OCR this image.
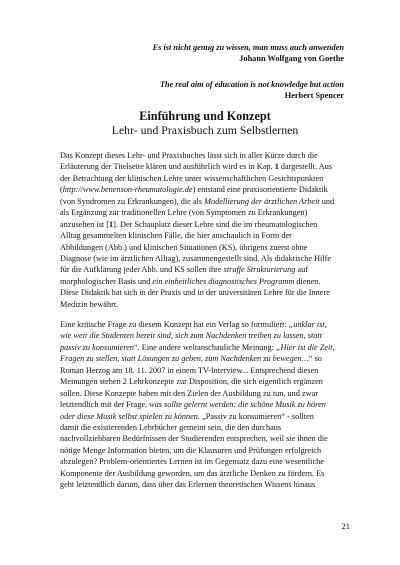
Es ist nicht genug zu wissen, man muss auch anwenden
Johann Wolfgang von Goethe
The real aim of education is not knowledge but action
Herbert Spencer
Einführung und Konzept
Lehr- und Praxisbuch zum Selbstlernen
Das Konzept dieses Lehr- und Praxisbuches lässt sich in aller Kürze durch die
Erläuterung der Titelseite klären und ausführlich wird es in Kap. 1 dargestellt. Aus
der Betrachtung der klinischen Lehre unter wissenschaftlichen Gesichtspunkten
(http://www.benenson-rheumatologie.de) entstand eine praxisorientierte Didaktik
(von Syndromen zu Erkrankungen), die als Modellierung der ärztlichen Arbeit und
als Ergänzung zur traditionellen Lehre (von Symptomen zu Erkrankungen)
anzusehen ist [1]. Der Schauplatz dieser Lehre sind die im rheumatologischen
Alltag gesammelten klinischen Fälle, die hier anschaulich in Form der
Abbildungen (Abb.) und klinischen Situationen (KS), übrigens zuerst ohne
Diagnose (wie im ärztlichen Alltag), zusammengestellt sind. Als didaktische Hilfe
für die Aufklärung jeder Abb. und KS sollen ihre straffe Strukturierung auf
morphologischer Basis und ein einheitliches diagnostisches Programm dienen.
Diese Didaktik hat sich in der Praxis und in der universitären Lehre für die Innere
Medizin bewährt.
Eine kritische Frage zu diesem Konzept hat ein Verlag so formuliert: „unklar ist,
wie weit die Studenten bereit sind, sich zum Nachdenken treiben zu lassen, statt
passiv zu konsumieren“. Eine andere weltanschauliche Meinung: „Hier ist die Zeit,
Fragen zu stellen, statt Lösungen zu geben, zum Nachdenken zu bewegen…“ so
Roman Herzog am 18. 11. 2007 in einem TV-Interview... Entsprechend diesen
Meinungen stehen 2 Lehrkonzepte zur Disposition, die sich eigentlich ergänzen
sollen. Diese Konzepte haben mit den Zielen der Ausbildung zu tun, und zwar
letztendlich mit der Frage, was sollte gelernt werden: die schöne Musik zu hören
oder diese Musik selbst spielen zu können. „Passiv zu konsumieren“ - sollten
damit die existierenden Lehrbücher gemeint sein, die den durchaus
nachvollziehbaren Bedürfnissen der Studierenden entsprechen, weil sie ihnen die
nötige Menge Information bieten, um die Klausuren und Prüfungen erfolgreich
abzulegen? Problem-orientiertes Lernen ist im Gegensatz dazu eine wesentliche
Komponente der Ausbildung geworden, um das ärztliche Denken zu fördern. Es
geht letztendlich darum, dass über das Erlernen theoretischen Wissens hinaus
21
